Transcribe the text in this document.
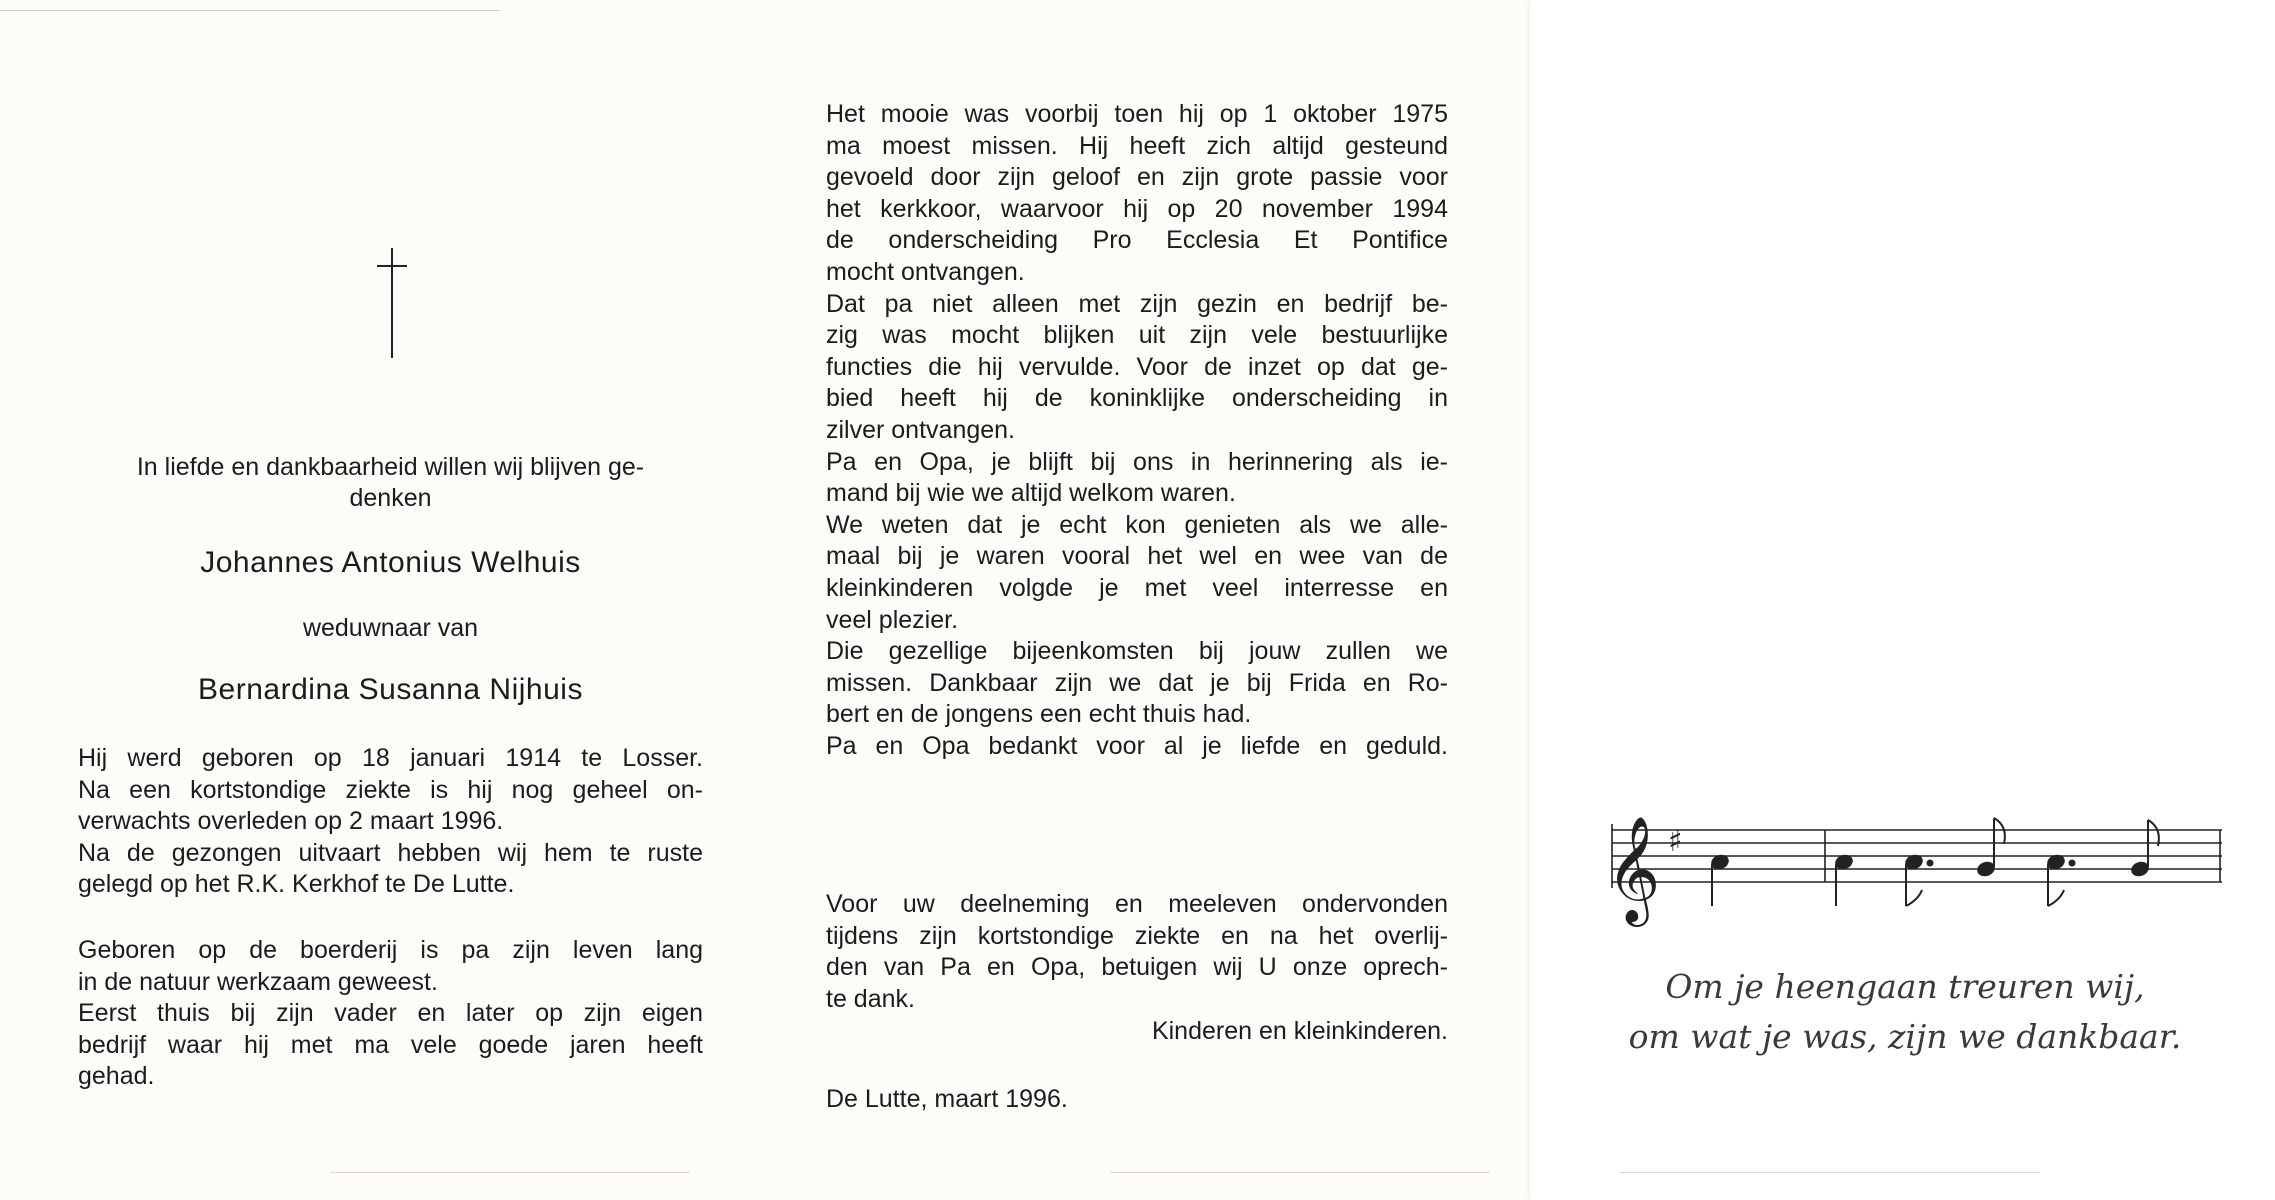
In liefde en dankbaarheid willen wij blijven ge-
denken
Johannes Antonius Welhuis
weduwnaar van
Bernardina Susanna Nijhuis
Hij werd geboren op 18 januari 1914 te Losser.
Na een kortstondige ziekte is hij nog geheel on-
verwachts overleden op 2 maart 1996.
Na de gezongen uitvaart hebben wij hem te ruste
gelegd op het R.K. Kerkhof te De Lutte.
Geboren op de boerderij is pa zijn leven lang
in de natuur werkzaam geweest.
Eerst thuis bij zijn vader en later op zijn eigen
bedrijf waar hij met ma vele goede jaren heeft
gehad.
Het mooie was voorbij toen hij op 1 oktober 1975
ma moest missen. Hij heeft zich altijd gesteund
gevoeld door zijn geloof en zijn grote passie voor
het kerkkoor, waarvoor hij op 20 november 1994
de onderscheiding Pro Ecclesia Et Pontifice
mocht ontvangen.
Dat pa niet alleen met zijn gezin en bedrijf be-
zig was mocht blijken uit zijn vele bestuurlijke
functies die hij vervulde. Voor de inzet op dat ge-
bied heeft hij de koninklijke onderscheiding in
zilver ontvangen.
Pa en Opa, je blijft bij ons in herinnering als ie-
mand bij wie we altijd welkom waren.
We weten dat je echt kon genieten als we alle-
maal bij je waren vooral het wel en wee van de
kleinkinderen volgde je met veel interresse en
veel plezier.
Die gezellige bijeenkomsten bij jouw zullen we
missen. Dankbaar zijn we dat je bij Frida en Ro-
bert en de jongens een echt thuis had.
Pa en Opa bedankt voor al je liefde en geduld.
Voor uw deelneming en meeleven ondervonden
tijdens zijn kortstondige ziekte en na het overlij-
den van Pa en Opa, betuigen wij U onze oprech-
te dank.
Kinderen en kleinkinderen.
De Lutte, maart 1996.
𝄞 ♯
Om je heengaan treuren wij,
om wat je was, zijn we dankbaar.
